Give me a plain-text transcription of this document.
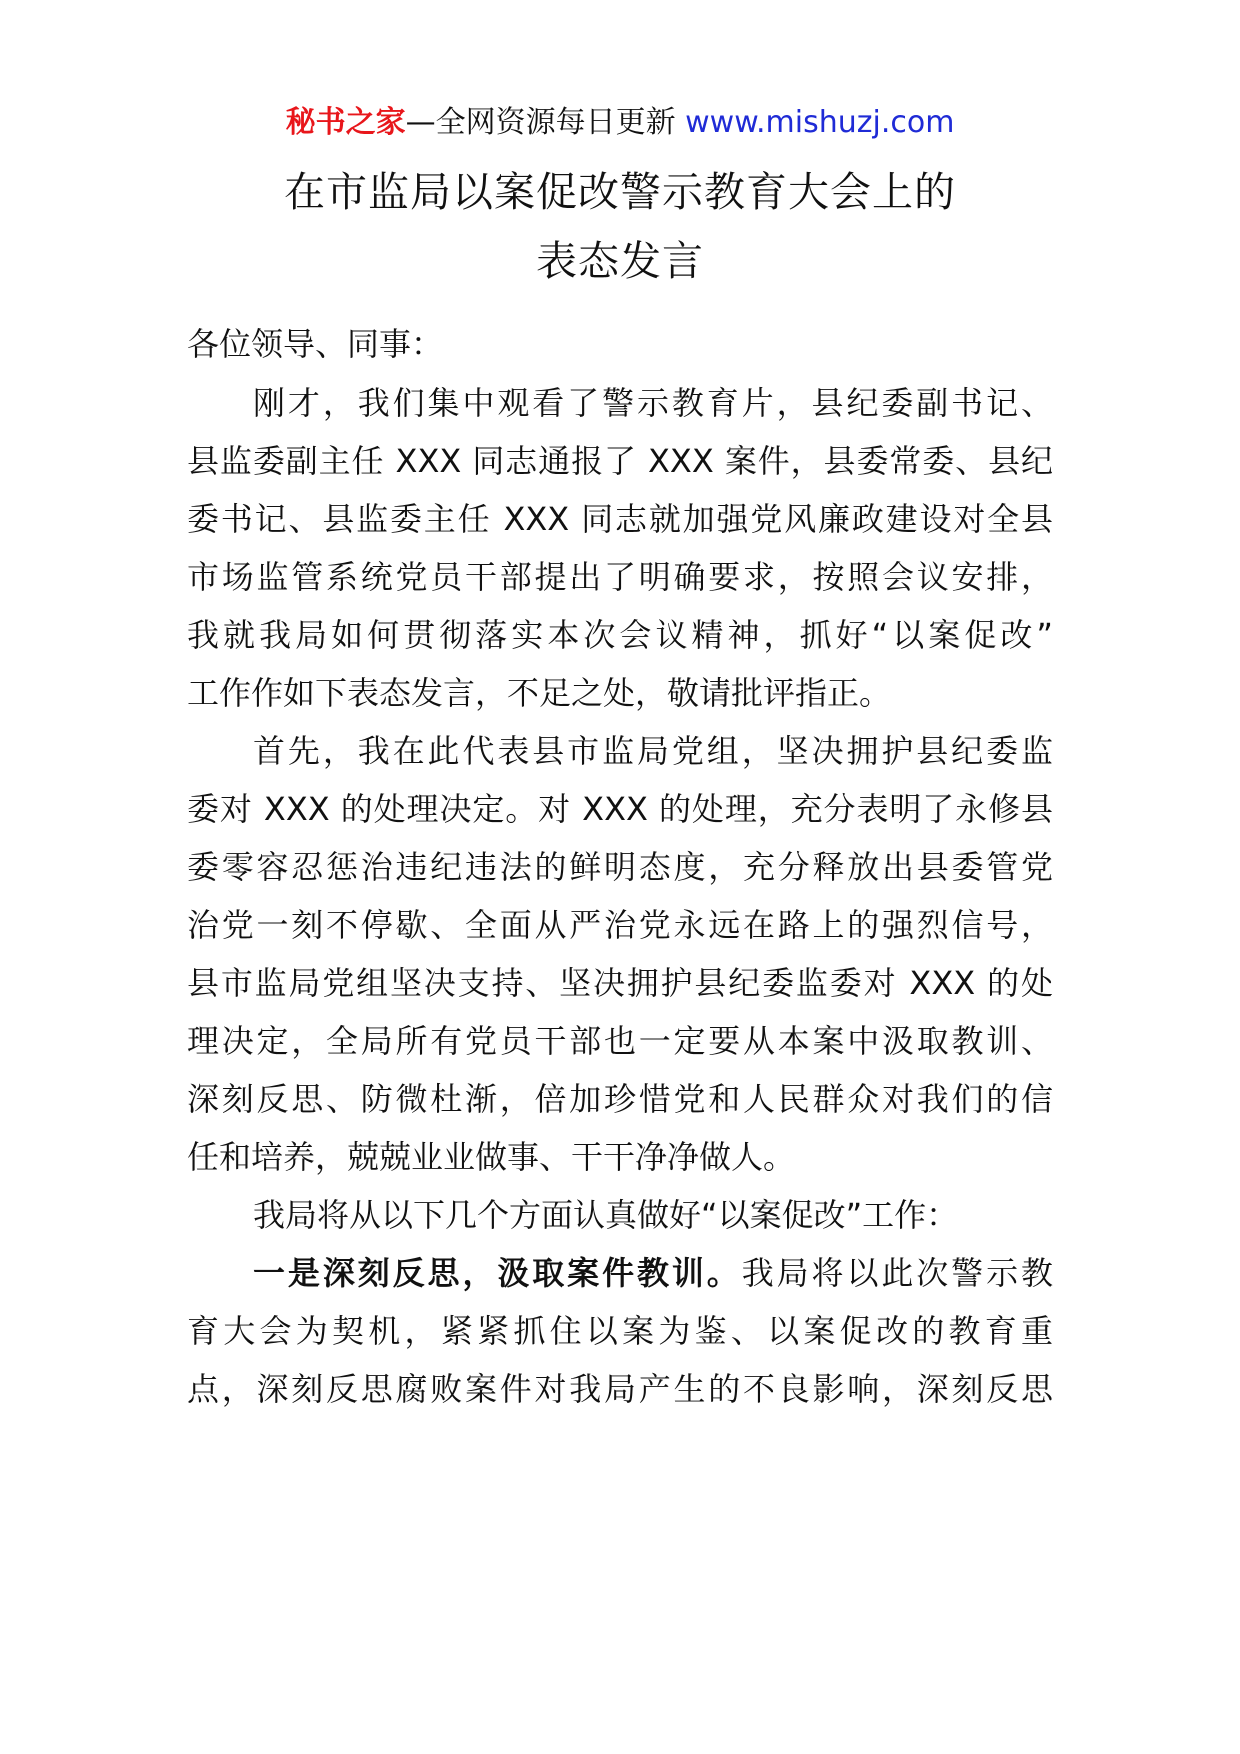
秘书之家—全网资源每日更新 www.mishuzj.com
在市监局以案促改警示教育大会上的
表态发言
各位领导、同事：
刚才，我们集中观看了警示教育片，县纪委副书记、
县监委副主任 XXX 同志通报了 XXX 案件，县委常委、县纪
委书记、县监委主任 XXX 同志就加强党风廉政建设对全县
市场监管系统党员干部提出了明确要求，按照会议安排，
我就我局如何贯彻落实本次会议精神，抓好“以案促改”
工作作如下表态发言，不足之处，敬请批评指正。
首先，我在此代表县市监局党组，坚决拥护县纪委监
委对 XXX 的处理决定。对 XXX 的处理，充分表明了永修县
委零容忍惩治违纪违法的鲜明态度，充分释放出县委管党
治党一刻不停歇、全面从严治党永远在路上的强烈信号，
县市监局党组坚决支持、坚决拥护县纪委监委对 XXX 的处
理决定，全局所有党员干部也一定要从本案中汲取教训、
深刻反思、防微杜渐，倍加珍惜党和人民群众对我们的信
任和培养，兢兢业业做事、干干净净做人。
我局将从以下几个方面认真做好“以案促改”工作：
一是深刻反思，汲取案件教训。我局将以此次警示教
育大会为契机，紧紧抓住以案为鉴、以案促改的教育重
点，深刻反思腐败案件对我局产生的不良影响，深刻反思
